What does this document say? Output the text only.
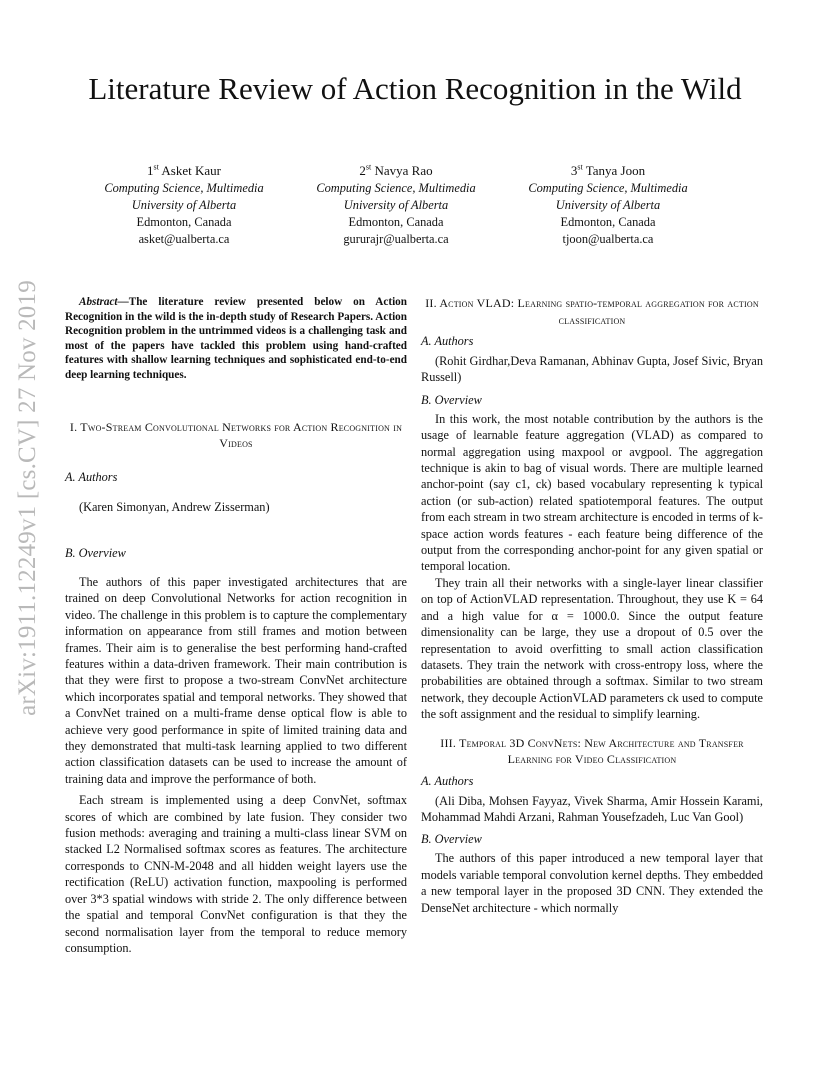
arXiv:1911.12249v1 [cs.CV] 27 Nov 2019
Literature Review of Action Recognition in the Wild
1st Asket Kaur
Computing Science, Multimedia
University of Alberta
Edmonton, Canada
asket@ualberta.ca
2st Navya Rao
Computing Science, Multimedia
University of Alberta
Edmonton, Canada
gururajr@ualberta.ca
3st Tanya Joon
Computing Science, Multimedia
University of Alberta
Edmonton, Canada
tjoon@ualberta.ca

Abstract—The literature review presented below on Action Recognition in the wild is the in-depth study of Research Papers. Action Recognition problem in the untrimmed videos is a challenging task and most of the papers have tackled this problem using hand-crafted features with shallow learning techniques and sophisticated end-to-end deep learning techniques.

I. Two-Stream Convolutional Networks for Action Recognition in Videos
A. Authors

(Karen Simonyan, Andrew Zisserman)

B. Overview

The authors of this paper investigated architectures that are trained on deep Convolutional Networks for action recognition in video. The challenge in this problem is to capture the complementary information on appearance from still frames and motion between frames. Their aim is to generalise the best performing hand-crafted features within a data-driven framework. Their main contribution is that they were first to propose a two-stream ConvNet architecture which incorporates spatial and temporal networks. They showed that a ConvNet trained on a multi-frame dense optical flow is able to achieve very good performance in spite of limited training data and they demonstrated that multi-task learning applied to two different action classification datasets can be used to increase the amount of training data and improve the performance of both.

Each stream is implemented using a deep ConvNet, softmax scores of which are combined by late fusion. They consider two fusion methods: averaging and training a multi-class linear SVM on stacked L2 Normalised softmax scores as features. The architecture corresponds to CNN-M-2048 and all hidden weight layers use the rectification (ReLU) activation function, maxpooling is performed over 3*3 spatial windows with stride 2. The only difference between the spatial and temporal ConvNet configuration is that they the second normalisation layer from the temporal to reduce memory consumption.

II. Action VLAD: Learning spatio-temporal aggregation for action classification
A. Authors

(Rohit Girdhar,Deva Ramanan, Abhinav Gupta, Josef Sivic, Bryan Russell)

B. Overview

In this work, the most notable contribution by the authors is the usage of learnable feature aggregation (VLAD) as compared to normal aggregation using maxpool or avgpool. The aggregation technique is akin to bag of visual words. There are multiple learned anchor-point (say c1, ck) based vocabulary representing k typical action (or sub-action) related spatiotemporal features. The output from each stream in two stream architecture is encoded in terms of k-space action words features - each feature being difference of the output from the corresponding anchor-point for any given spatial or temporal location.

They train all their networks with a single-layer linear classifier on top of ActionVLAD representation. Throughout, they use K = 64 and a high value for α = 1000.0. Since the output feature dimensionality can be large, they use a dropout of 0.5 over the representation to avoid overfitting to small action classification datasets. They train the network with cross-entropy loss, where the probabilities are obtained through a softmax. Similar to two stream network, they decouple ActionVLAD parameters ck used to compute the soft assignment and the residual to simplify learning.

III. Temporal 3D ConvNets: New Architecture and Transfer Learning for Video Classification
A. Authors

(Ali Diba, Mohsen Fayyaz, Vivek Sharma, Amir Hossein Karami, Mohammad Mahdi Arzani, Rahman Yousefzadeh, Luc Van Gool)

B. Overview

The authors of this paper introduced a new temporal layer that models variable temporal convolution kernel depths. They embedded a new temporal layer in the proposed 3D CNN. They extended the DenseNet architecture - which normally
